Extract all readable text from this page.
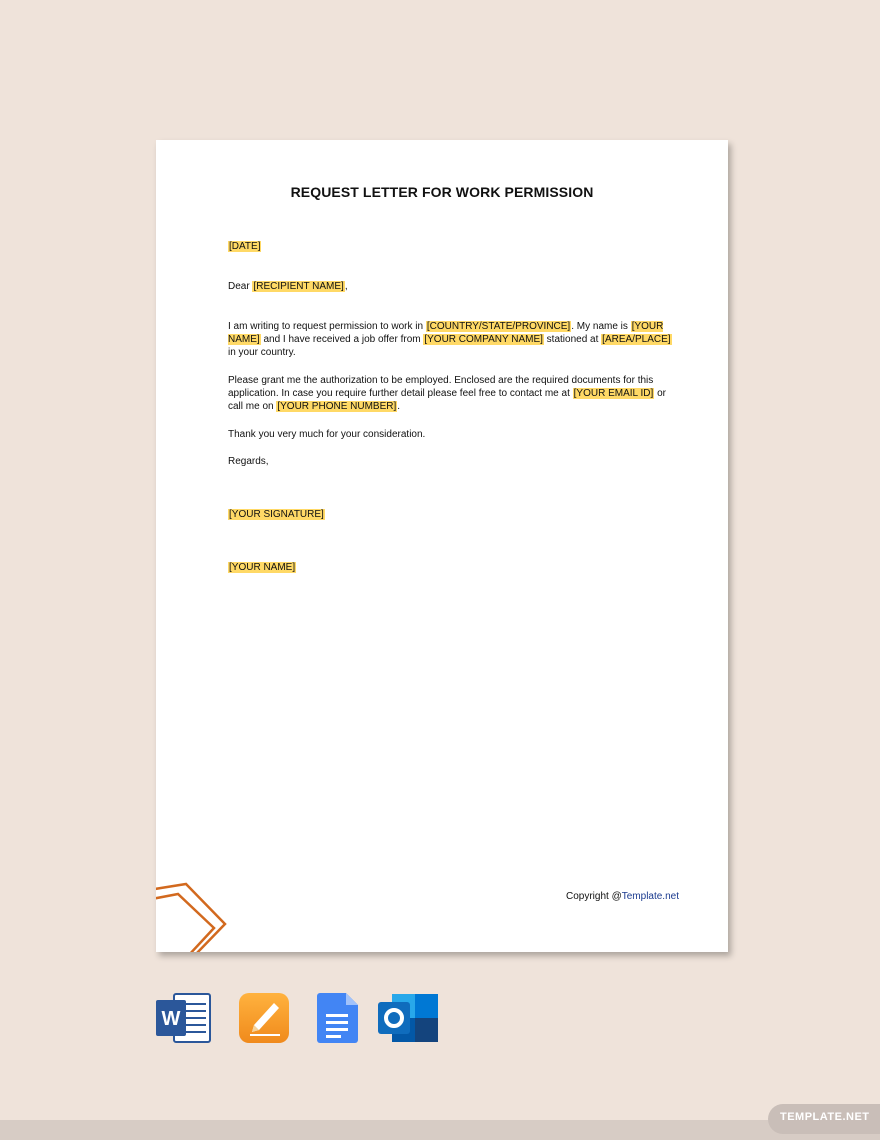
REQUEST LETTER FOR WORK PERMISSION

[DATE]

Dear [RECIPIENT NAME],

I am writing to request permission to work in [COUNTRY/STATE/PROVINCE]. My name is [YOUR NAME] and I have received a job offer from [YOUR COMPANY NAME] stationed at [AREA/PLACE] in your country.

Please grant me the authorization to be employed. Enclosed are the required documents for this application. In case you require further detail please feel free to contact me at [YOUR EMAIL ID] or call me on [YOUR PHONE NUMBER].

Thank you very much for your consideration.

Regards,

[YOUR SIGNATURE]

[YOUR NAME]

Copyright @Template.net
W
TEMPLATE.NET
